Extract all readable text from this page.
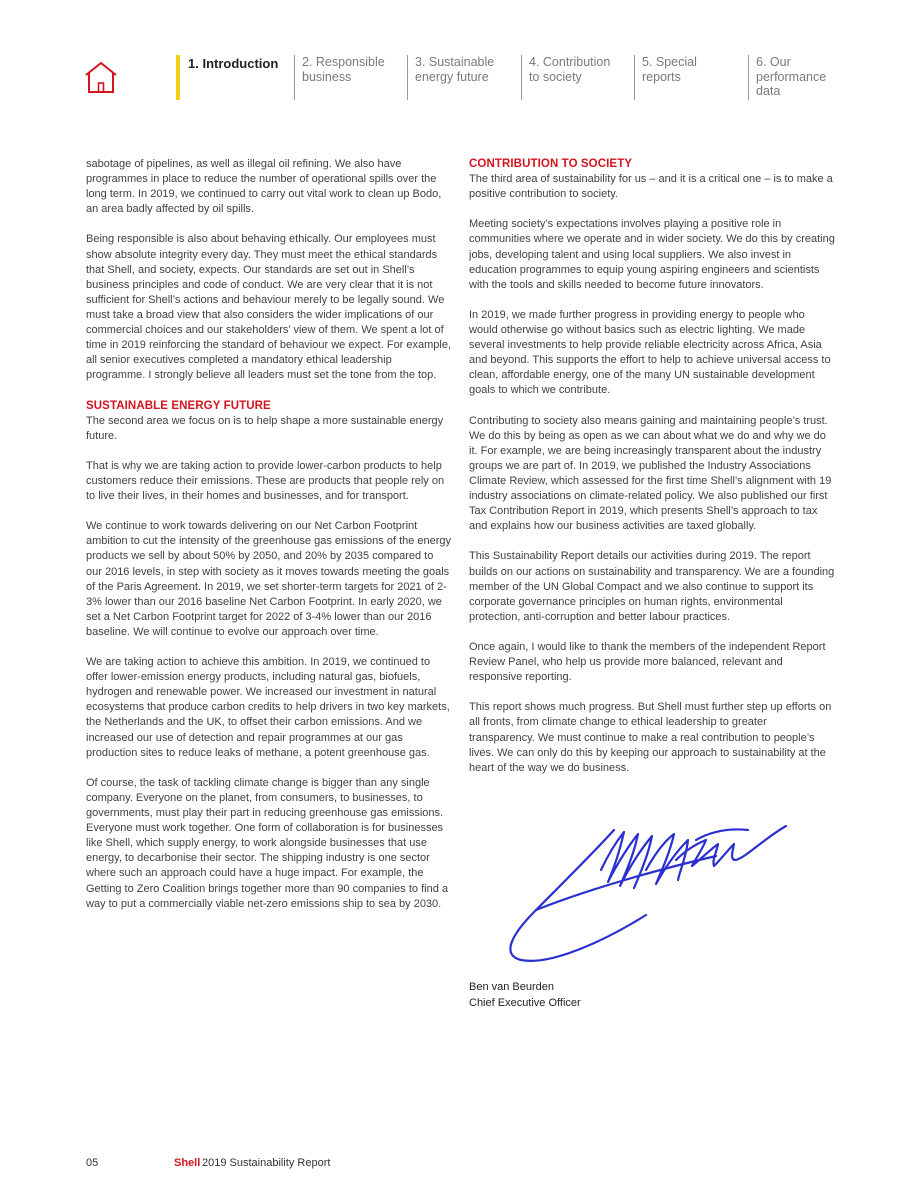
1. Introduction	2. Responsible
business
3. Sustainable
energy future
4. Contribution
to society
5. Special
reports
6. Our
performance
data

sabotage of pipelines, as well as illegal oil refining. We also have programmes in place to reduce the number of operational spills over the long term. In 2019, we continued to carry out vital work to clean up Bodo, an area badly affected by oil spills.

Being responsible is also about behaving ethically. Our employees must show absolute integrity every day. They must meet the ethical standards that Shell, and society, expects. Our standards are set out in Shell’s business principles and code of conduct. We are very clear that it is not sufficient for Shell’s actions and behaviour merely to be legally sound. We must take a broad view that also considers the wider implications of our commercial choices and our stakeholders’ view of them. We spent a lot of time in 2019 reinforcing the standard of behaviour we expect. For example, all senior executives completed a mandatory ethical leadership programme. I strongly believe all leaders must set the tone from the top.

SUSTAINABLE ENERGY FUTURE

The second area we focus on is to help shape a more sustainable energy future.

That is why we are taking action to provide lower-carbon products to help customers reduce their emissions. These are products that people rely on to live their lives, in their homes and businesses, and for transport.

We continue to work towards delivering on our Net Carbon Footprint ambition to cut the intensity of the greenhouse gas emissions of the energy products we sell by about 50% by 2050, and 20% by 2035 compared to our 2016 levels, in step with society as it moves towards meeting the goals of the Paris Agreement. In 2019, we set shorter-term targets for 2021 of 2-3% lower than our 2016 baseline Net Carbon Footprint. In early 2020, we set a Net Carbon Footprint target for 2022 of 3-4% lower than our 2016 baseline. We will continue to evolve our approach over time.

We are taking action to achieve this ambition. In 2019, we continued to offer lower-emission energy products, including natural gas, biofuels, hydrogen and renewable power. We increased our investment in natural ecosystems that produce carbon credits to help drivers in two key markets, the Netherlands and the UK, to offset their carbon emissions. And we increased our use of detection and repair programmes at our gas production sites to reduce leaks of methane, a potent greenhouse gas.

Of course, the task of tackling climate change is bigger than any single company. Everyone on the planet, from consumers, to businesses, to governments, must play their part in reducing greenhouse gas emissions. Everyone must work together. One form of collaboration is for businesses like Shell, which supply energy, to work alongside businesses that use energy, to decarbonise their sector. The shipping industry is one sector where such an approach could have a huge impact. For example, the Getting to Zero Coalition brings together more than 90 companies to find a way to put a commercially viable net-zero emissions ship to sea by 2030.

CONTRIBUTION TO SOCIETY

The third area of sustainability for us – and it is a critical one – is to make a positive contribution to society.

Meeting society’s expectations involves playing a positive role in communities where we operate and in wider society. We do this by creating jobs, developing talent and using local suppliers. We also invest in education programmes to equip young aspiring engineers and scientists with the tools and skills needed to become future innovators.

In 2019, we made further progress in providing energy to people who would otherwise go without basics such as electric lighting. We made several investments to help provide reliable electricity across Africa, Asia and beyond. This supports the effort to help to achieve universal access to clean, affordable energy, one of the many UN sustainable development goals to which we contribute.

Contributing to society also means gaining and maintaining people’s trust. We do this by being as open as we can about what we do and why we do it. For example, we are being increasingly transparent about the industry groups we are part of. In 2019, we published the Industry Associations Climate Review, which assessed for the first time Shell’s alignment with 19 industry associations on climate-related policy. We also published our first Tax Contribution Report in 2019, which presents Shell’s approach to tax and explains how our business activities are taxed globally.

This Sustainability Report details our activities during 2019. The report builds on our actions on sustainability and transparency. We are a founding member of the UN Global Compact and we also continue to support its corporate governance principles on human rights, environmental protection, anti-corruption and better labour practices.

Once again, I would like to thank the members of the independent Report Review Panel, who help us provide more balanced, relevant and responsive reporting.

This report shows much progress. But Shell must further step up efforts on all fronts, from climate change to ethical leadership to greater transparency. We must continue to make a real contribution to people’s lives. We can only do this by keeping our approach to sustainability at the heart of the way we do business.

Ben van Beurden
Chief Executive Officer
05	Shell 2019 Sustainability Report
